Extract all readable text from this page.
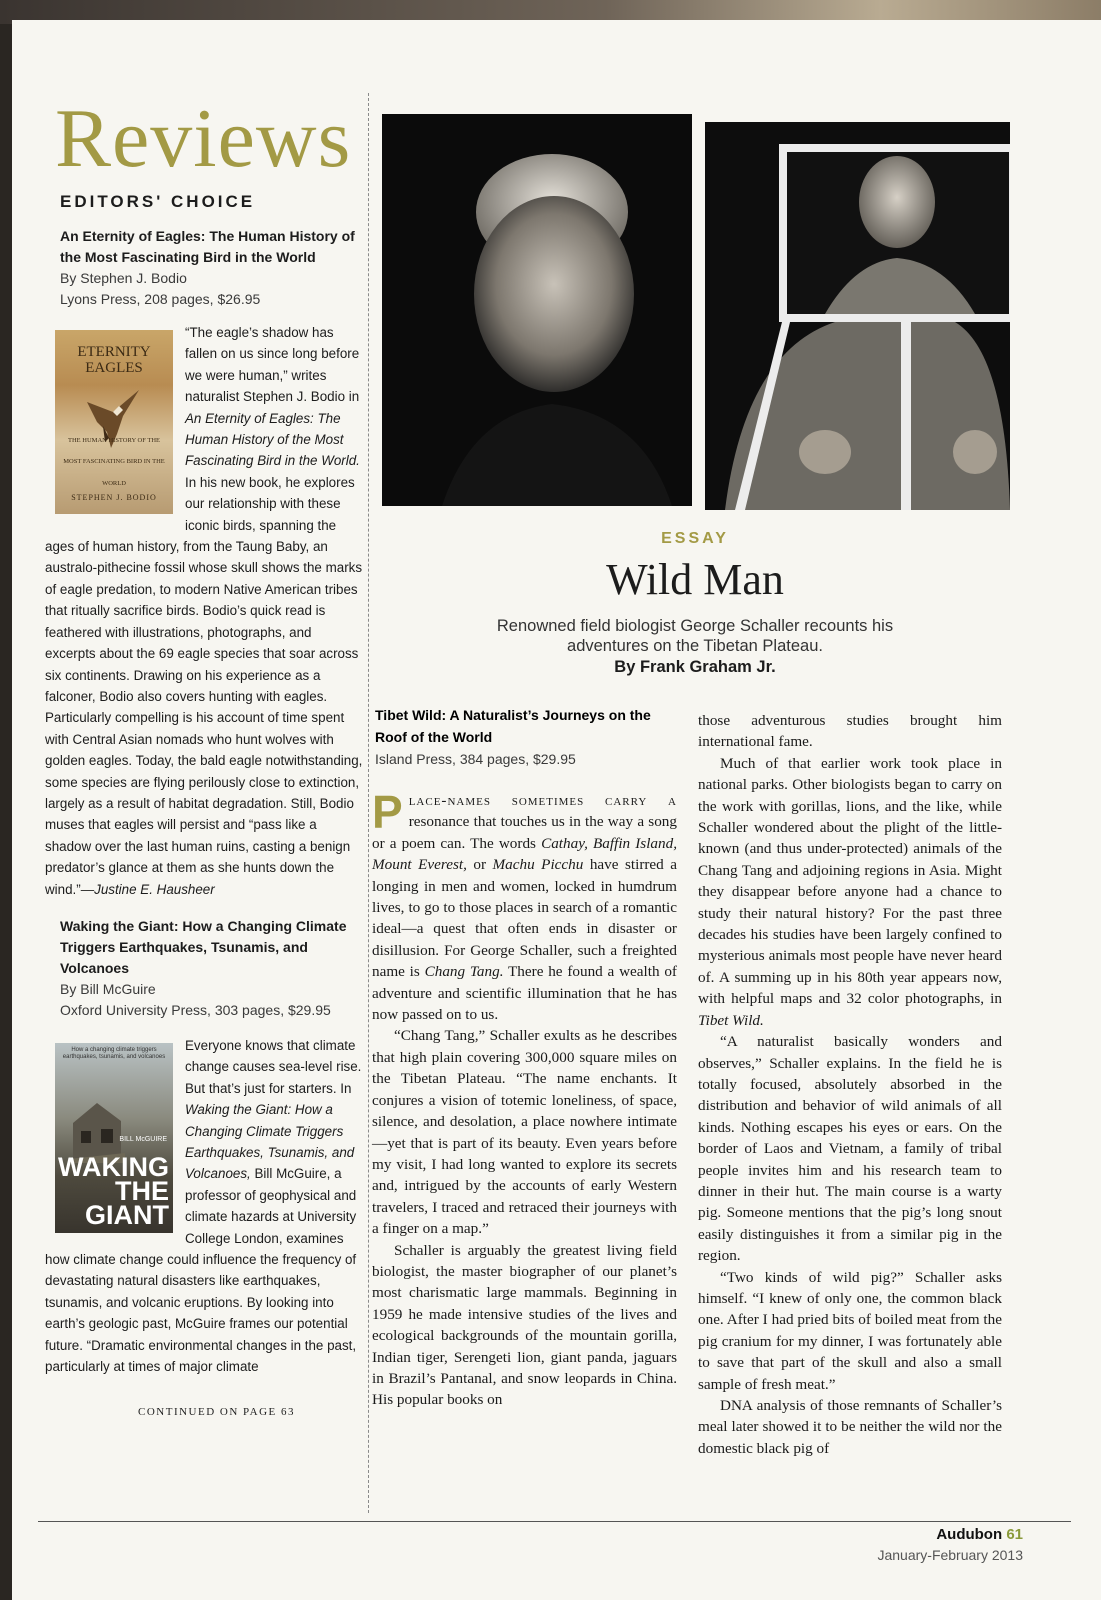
Reviews
EDITORS' CHOICE
An Eternity of Eagles: The Human History of the Most Fascinating Bird in the World
By Stephen J. Bodio
Lyons Press, 208 pages, $26.95
ETERNITY EAGLES
THE HUMAN HISTORY OF THE MOST FASCINATING BIRD IN THE WORLD
STEPHEN J. BODIO
“The eagle’s shadow has fallen on us since long before we were human,” writes naturalist Stephen J. Bodio in An Eternity of Eagles: The Human History of the Most Fascinating Bird in the World. In his new book, he explores our relationship with these iconic birds, spanning the ages of human history, from the Taung Baby, an australo-pithecine fossil whose skull shows the marks of eagle predation, to modern Native American tribes that ritually sacrifice birds. Bodio’s quick read is feathered with illustrations, photographs, and excerpts about the 69 eagle species that soar across six continents. Drawing on his experience as a falconer, Bodio also covers hunting with eagles. Particularly compelling is his account of time spent with Central Asian nomads who hunt wolves with golden eagles. Today, the bald eagle notwithstanding, some species are flying perilously close to extinction, largely as a result of habitat degradation. Still, Bodio muses that eagles will persist and “pass like a shadow over the last human ruins, casting a benign predator’s glance at them as she hunts down the wind.”—Justine E. Hausheer
Waking the Giant: How a Changing Climate Triggers Earthquakes, Tsunamis, and Volcanoes
By Bill McGuire
Oxford University Press, 303 pages, $29.95
How a changing climate triggers earthquakes, tsunamis, and volcanoes
BILL McGUIRE
WAKING THE GIANT
Everyone knows that climate change causes sea-level rise. But that’s just for starters. In Waking the Giant: How a Changing Climate Triggers Earthquakes, Tsunamis, and Volcanoes, Bill McGuire, a professor of geophysical and climate hazards at University College London, examines how climate change could influence the frequency of devastating natural disasters like earthquakes, tsunamis, and volcanic eruptions. By looking into earth’s geologic past, McGuire frames our potential future. “Dramatic environmental changes in the past, particularly at times of major climate
CONTINUED ON PAGE 63
ESSAY
Wild Man
Renowned field biologist George Schaller recounts his adventures on the Tibetan Plateau.
By Frank Graham Jr.
Tibet Wild: A Naturalist’s Journeys on the Roof of the World
Island Press, 384 pages, $29.95

Place-names sometimes carry a resonance that touches us in the way a song or a poem can. The words Cathay, Baffin Island, Mount Everest, or Machu Picchu have stirred a longing in men and women, locked in humdrum lives, to go to those places in search of a romantic ideal—a quest that often ends in disaster or disillusion. For George Schaller, such a freighted name is Chang Tang. There he found a wealth of adventure and scientific illumination that he has now passed on to us.

“Chang Tang,” Schaller exults as he describes that high plain covering 300,000 square miles on the Tibetan Plateau. “The name enchants. It conjures a vision of totemic loneliness, of space, silence, and desolation, a place nowhere intimate—yet that is part of its beauty. Even years before my visit, I had long wanted to explore its secrets and, intrigued by the accounts of early Western travelers, I traced and retraced their journeys with a finger on a map.”

Schaller is arguably the greatest living field biologist, the master biographer of our planet’s most charismatic large mammals. Beginning in 1959 he made intensive studies of the lives and ecological backgrounds of the mountain gorilla, Indian tiger, Serengeti lion, giant panda, jaguars in Brazil’s Pantanal, and snow leopards in China. His popular books on

those adventurous studies brought him international fame.

Much of that earlier work took place in national parks. Other biologists began to carry on the work with gorillas, lions, and the like, while Schaller wondered about the plight of the little-known (and thus under-protected) animals of the Chang Tang and adjoining regions in Asia. Might they disappear before anyone had a chance to study their natural history? For the past three decades his studies have been largely confined to mysterious animals most people have never heard of. A summing up in his 80th year appears now, with helpful maps and 32 color photographs, in Tibet Wild.

“A naturalist basically wonders and observes,” Schaller explains. In the field he is totally focused, absolutely absorbed in the distribution and behavior of wild animals of all kinds. Nothing escapes his eyes or ears. On the border of Laos and Vietnam, a family of tribal people invites him and his research team to dinner in their hut. The main course is a warty pig. Someone mentions that the pig’s long snout easily distinguishes it from a similar pig in the region.

“Two kinds of wild pig?” Schaller asks himself. “I knew of only one, the common black one. After I had pried bits of boiled meat from the pig cranium for my dinner, I was fortunately able to save that part of the skull and also a small sample of fresh meat.”

DNA analysis of those remnants of Schaller’s meal later showed it to be neither the wild nor the domestic black pig of

Audubon 61
January-February 2013
